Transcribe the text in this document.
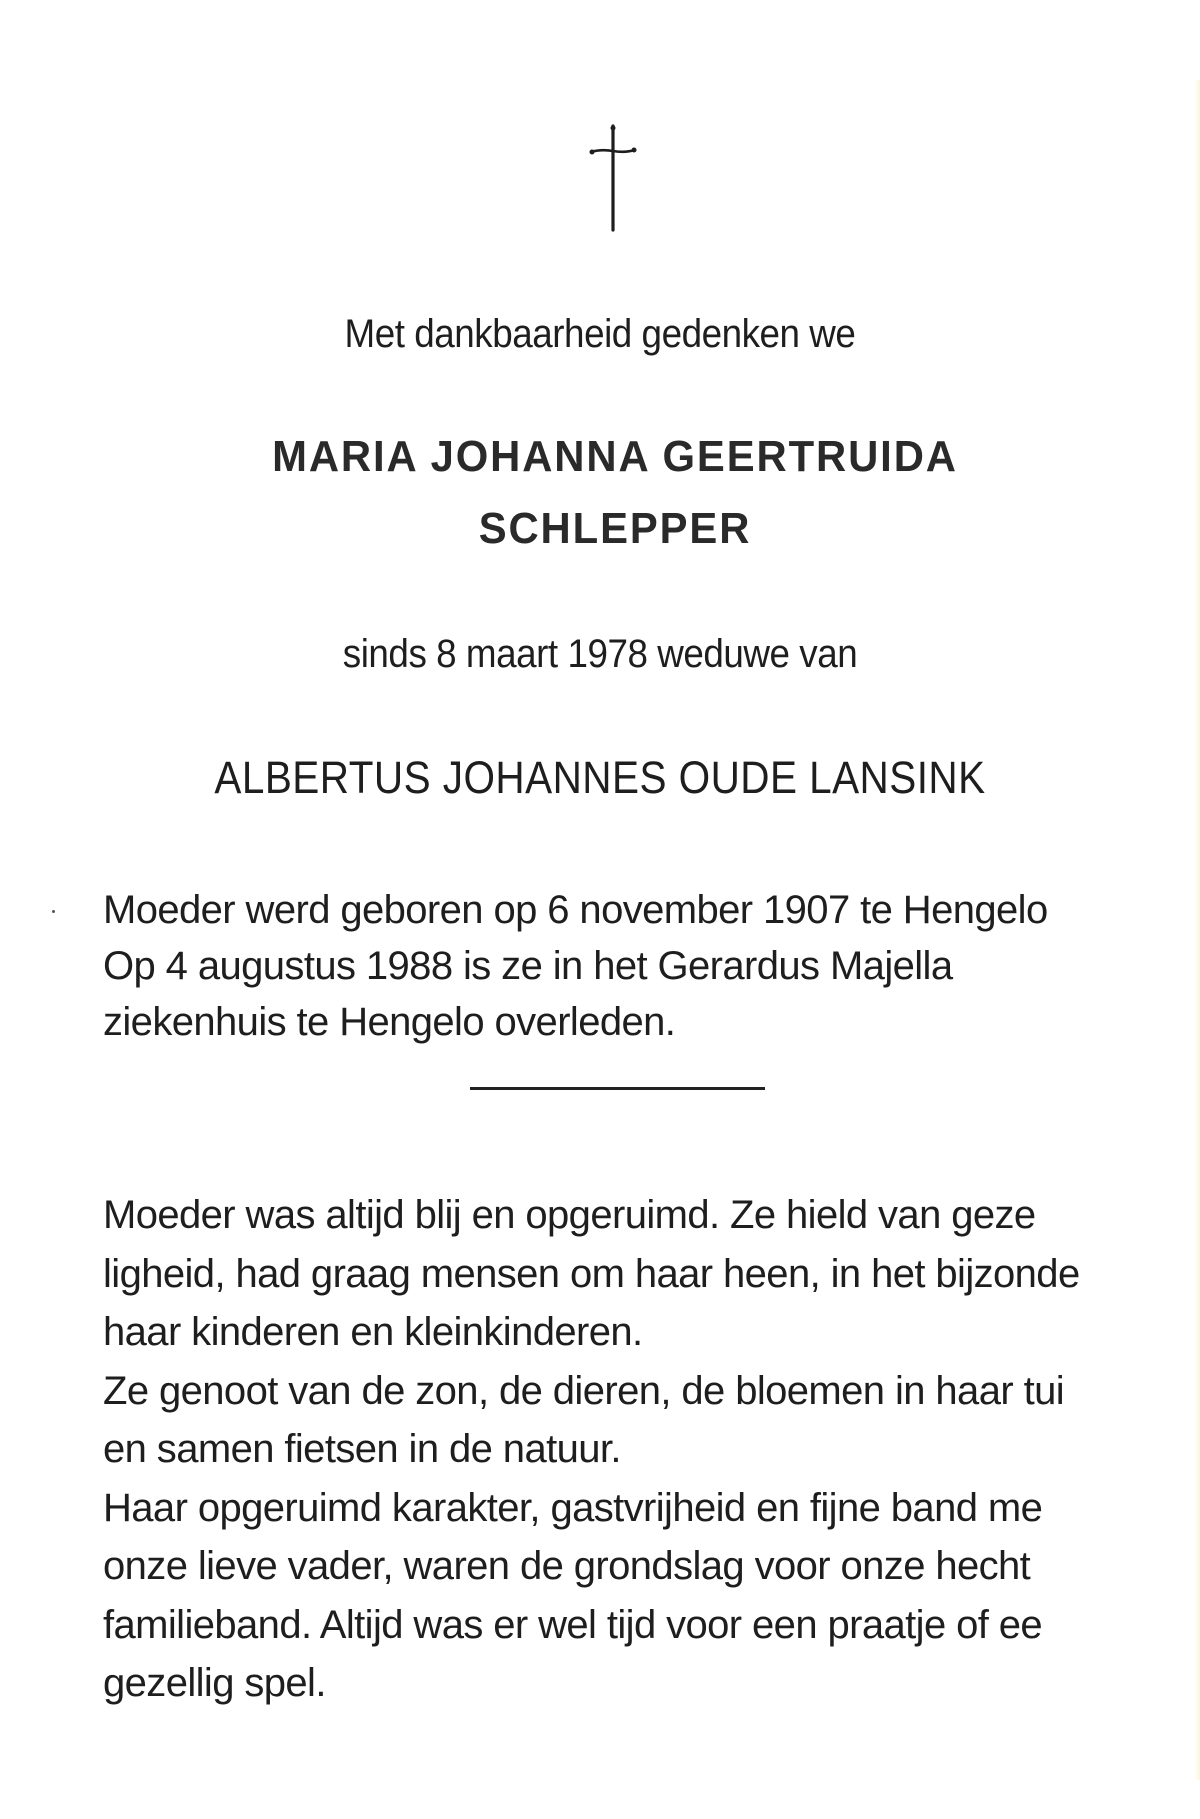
Met dankbaarheid gedenken we

MARIA JOHANNA GEERTRUIDA

SCHLEPPER

sinds 8 maart 1978 weduwe van

ALBERTUS JOHANNES OUDE LANSINK

Moeder werd geboren op 6 november 1907 te Hengelo
Op 4 augustus 1988 is ze in het Gerardus Majella
ziekenhuis te Hengelo overleden.
Moeder was altijd blij en opgeruimd. Ze hield van geze
ligheid, had graag mensen om haar heen, in het bijzonde
haar kinderen en kleinkinderen.
Ze genoot van de zon, de dieren, de bloemen in haar tui
en samen fietsen in de natuur.
Haar opgeruimd karakter, gastvrijheid en fijne band me
onze lieve vader, waren de grondslag voor onze hecht
familieband. Altijd was er wel tijd voor een praatje of ee
gezellig spel.
